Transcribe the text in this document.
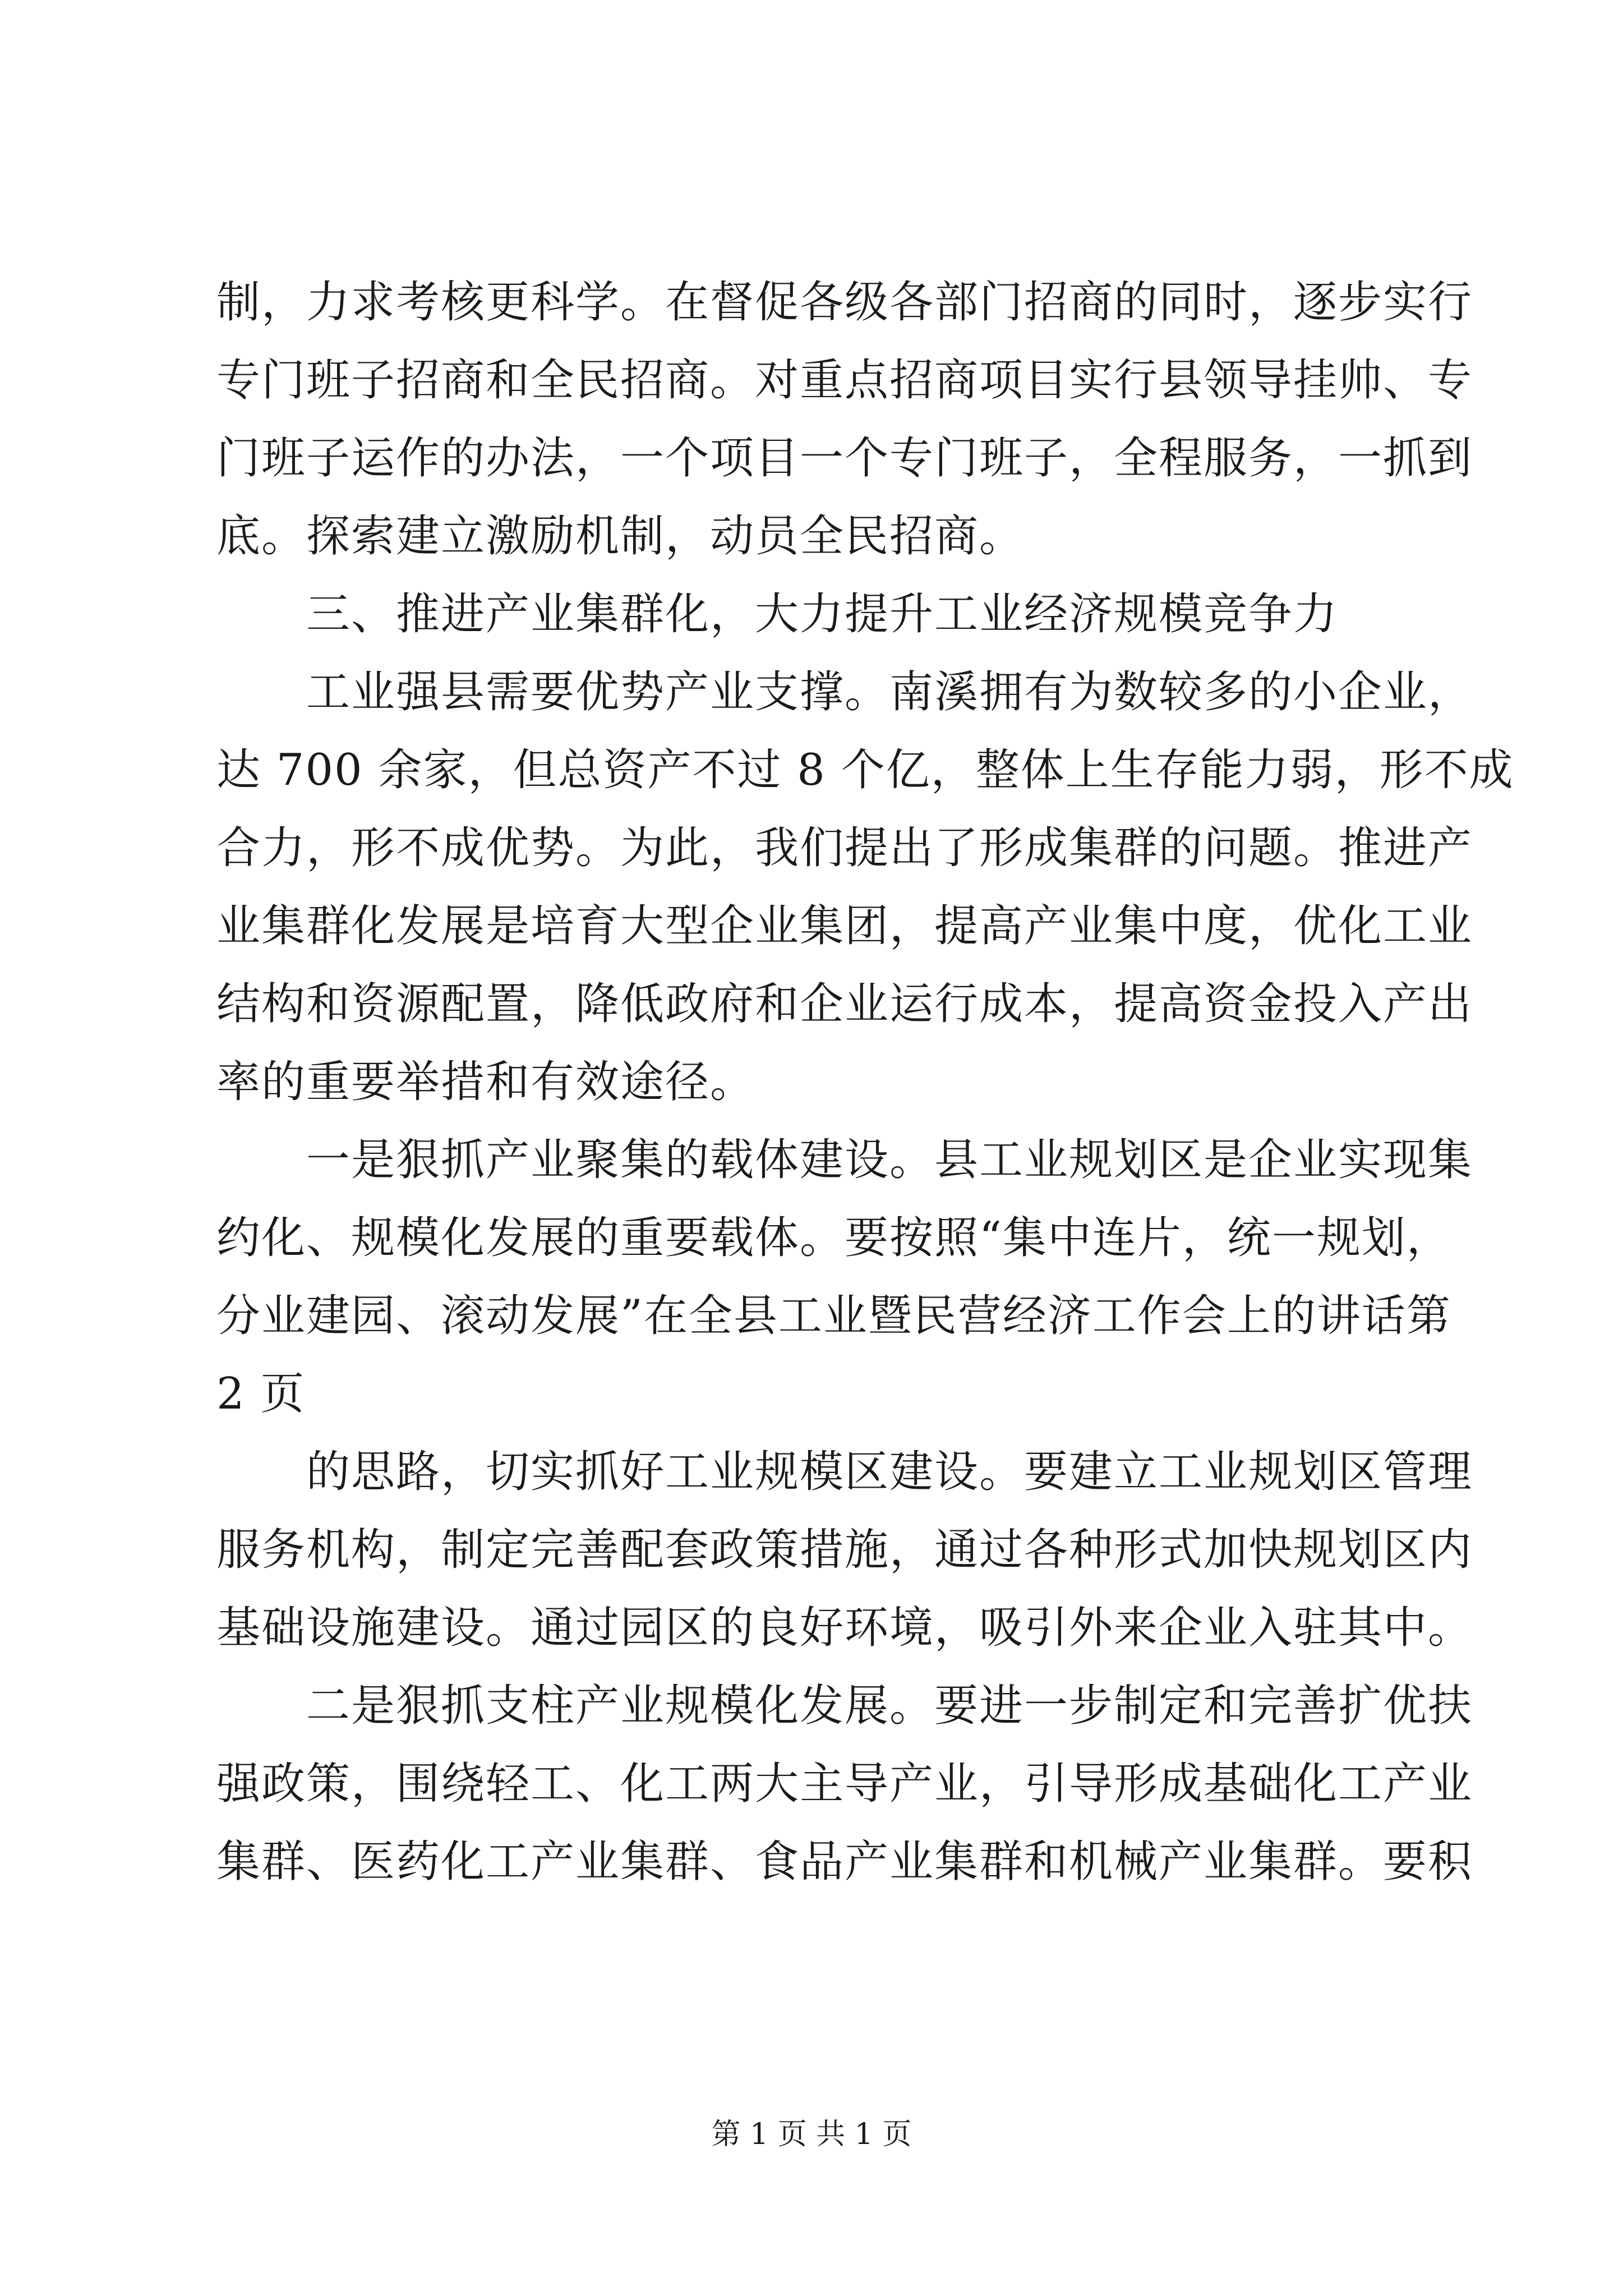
制，力求考核更科学。在督促各级各部门招商的同时，逐步实行
专门班子招商和全民招商。对重点招商项目实行县领导挂帅、专
门班子运作的办法，一个项目一个专门班子，全程服务，一抓到
底。探索建立激励机制，动员全民招商。
三、推进产业集群化，大力提升工业经济规模竞争力
工业强县需要优势产业支撑。南溪拥有为数较多的小企业，
达 700 余家，但总资产不过 8 个亿，整体上生存能力弱，形不成
合力，形不成优势。为此，我们提出了形成集群的问题。推进产
业集群化发展是培育大型企业集团，提高产业集中度，优化工业
结构和资源配置，降低政府和企业运行成本，提高资金投入产出
率的重要举措和有效途径。
一是狠抓产业聚集的载体建设。县工业规划区是企业实现集
约化、规模化发展的重要载体。要按照“集中连片，统一规划，
分业建园、滚动发展”在全县工业暨民营经济工作会上的讲话第
2 页
的思路，切实抓好工业规模区建设。要建立工业规划区管理
服务机构，制定完善配套政策措施，通过各种形式加快规划区内
基础设施建设。通过园区的良好环境，吸引外来企业入驻其中。
二是狠抓支柱产业规模化发展。要进一步制定和完善扩优扶
强政策，围绕轻工、化工两大主导产业，引导形成基础化工产业
集群、医药化工产业集群、食品产业集群和机械产业集群。要积
第 1 页 共 1 页
